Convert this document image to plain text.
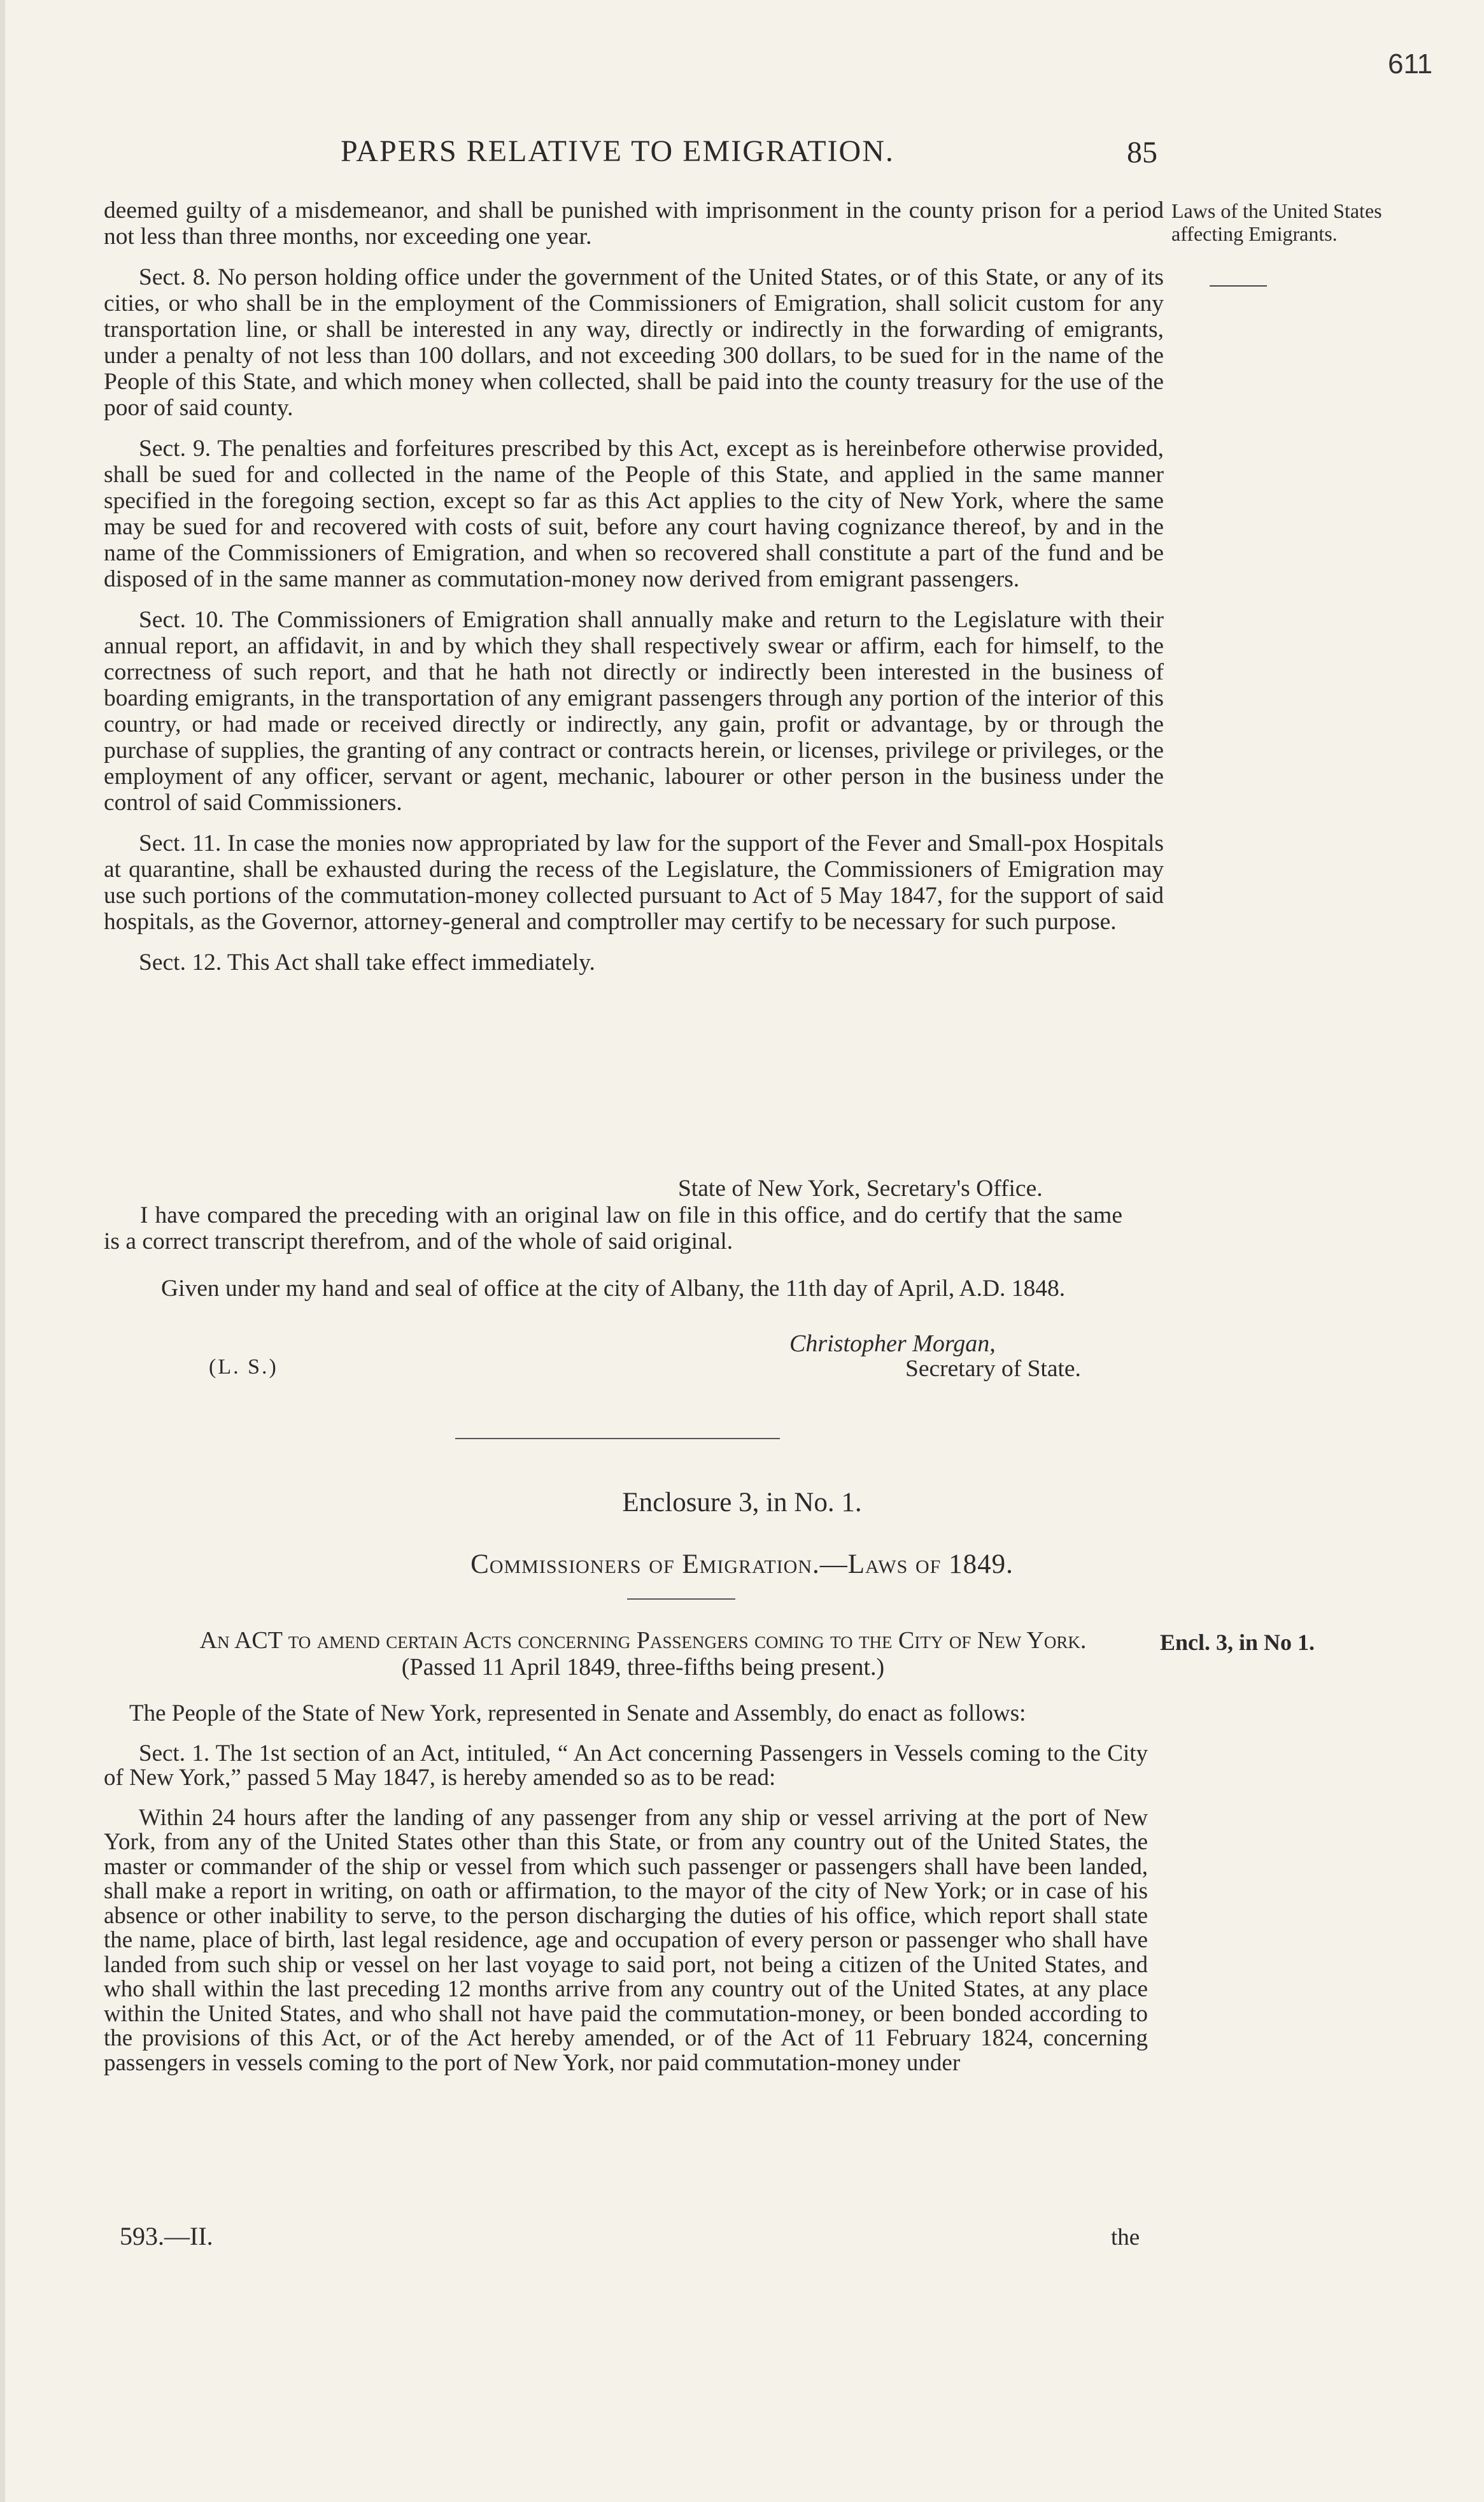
611
PAPERS RELATIVE TO EMIGRATION.	85
Laws of the United States affecting Emigrants.

deemed guilty of a misdemeanor, and shall be punished with imprisonment in the county prison for a period not less than three months, nor exceeding one year.

Sect. 8. No person holding office under the government of the United States, or of this State, or any of its cities, or who shall be in the employment of the Commissioners of Emigration, shall solicit custom for any transportation line, or shall be interested in any way, directly or indirectly in the forwarding of emigrants, under a penalty of not less than 100 dollars, and not exceeding 300 dollars, to be sued for in the name of the People of this State, and which money when collected, shall be paid into the county treasury for the use of the poor of said county.

Sect. 9. The penalties and forfeitures prescribed by this Act, except as is hereinbefore otherwise provided, shall be sued for and collected in the name of the People of this State, and applied in the same manner specified in the foregoing section, except so far as this Act applies to the city of New York, where the same may be sued for and recovered with costs of suit, before any court having cognizance thereof, by and in the name of the Commissioners of Emigration, and when so recovered shall constitute a part of the fund and be disposed of in the same manner as commutation-money now derived from emigrant passengers.

Sect. 10. The Commissioners of Emigration shall annually make and return to the Legislature with their annual report, an affidavit, in and by which they shall respectively swear or affirm, each for himself, to the correctness of such report, and that he hath not directly or indirectly been interested in the business of boarding emigrants, in the transportation of any emigrant passengers through any portion of the interior of this country, or had made or received directly or indirectly, any gain, profit or advantage, by or through the purchase of supplies, the granting of any contract or contracts herein, or licenses, privilege or privileges, or the employment of any officer, servant or agent, mechanic, labourer or other person in the business under the control of said Commissioners.

Sect. 11. In case the monies now appropriated by law for the support of the Fever and Small-pox Hospitals at quarantine, shall be exhausted during the recess of the Legislature, the Commissioners of Emigration may use such portions of the commutation-money collected pursuant to Act of 5 May 1847, for the support of said hospitals, as the Governor, attorney-general and comptroller may certify to be necessary for such purpose.

Sect. 12. This Act shall take effect immediately.

State of New York, Secretary's Office.
I have compared the preceding with an original law on file in this office, and do certify that the same is a correct transcript therefrom, and of the whole of said original.
Given under my hand and seal of office at the city of Albany, the 11th day of April, A.D. 1848.
Christopher Morgan,
(L. S.)	Secretary of State.
Enclosure 3, in No. 1.
Commissioners of Emigration.—Laws of 1849.
An ACT to amend certain Acts concerning Passengers coming to the City of New York.
(Passed 11 April 1849, three-fifths being present.)
Encl. 3, in No 1.

The People of the State of New York, represented in Senate and Assembly, do enact as follows:

Sect. 1. The 1st section of an Act, intituled, “ An Act concerning Passengers in Vessels coming to the City of New York,” passed 5 May 1847, is hereby amended so as to be read:

Within 24 hours after the landing of any passenger from any ship or vessel arriving at the port of New York, from any of the United States other than this State, or from any country out of the United States, the master or commander of the ship or vessel from which such passenger or passengers shall have been landed, shall make a report in writing, on oath or affirmation, to the mayor of the city of New York; or in case of his absence or other inability to serve, to the person discharging the duties of his office, which report shall state the name, place of birth, last legal residence, age and occupation of every person or passenger who shall have landed from such ship or vessel on her last voyage to said port, not being a citizen of the United States, and who shall within the last preceding 12 months arrive from any country out of the United States, at any place within the United States, and who shall not have paid the commutation-money, or been bonded according to the provisions of this Act, or of the Act hereby amended, or of the Act of 11 February 1824, concerning passengers in vessels coming to the port of New York, nor paid commutation-money under

593.—II.	the
